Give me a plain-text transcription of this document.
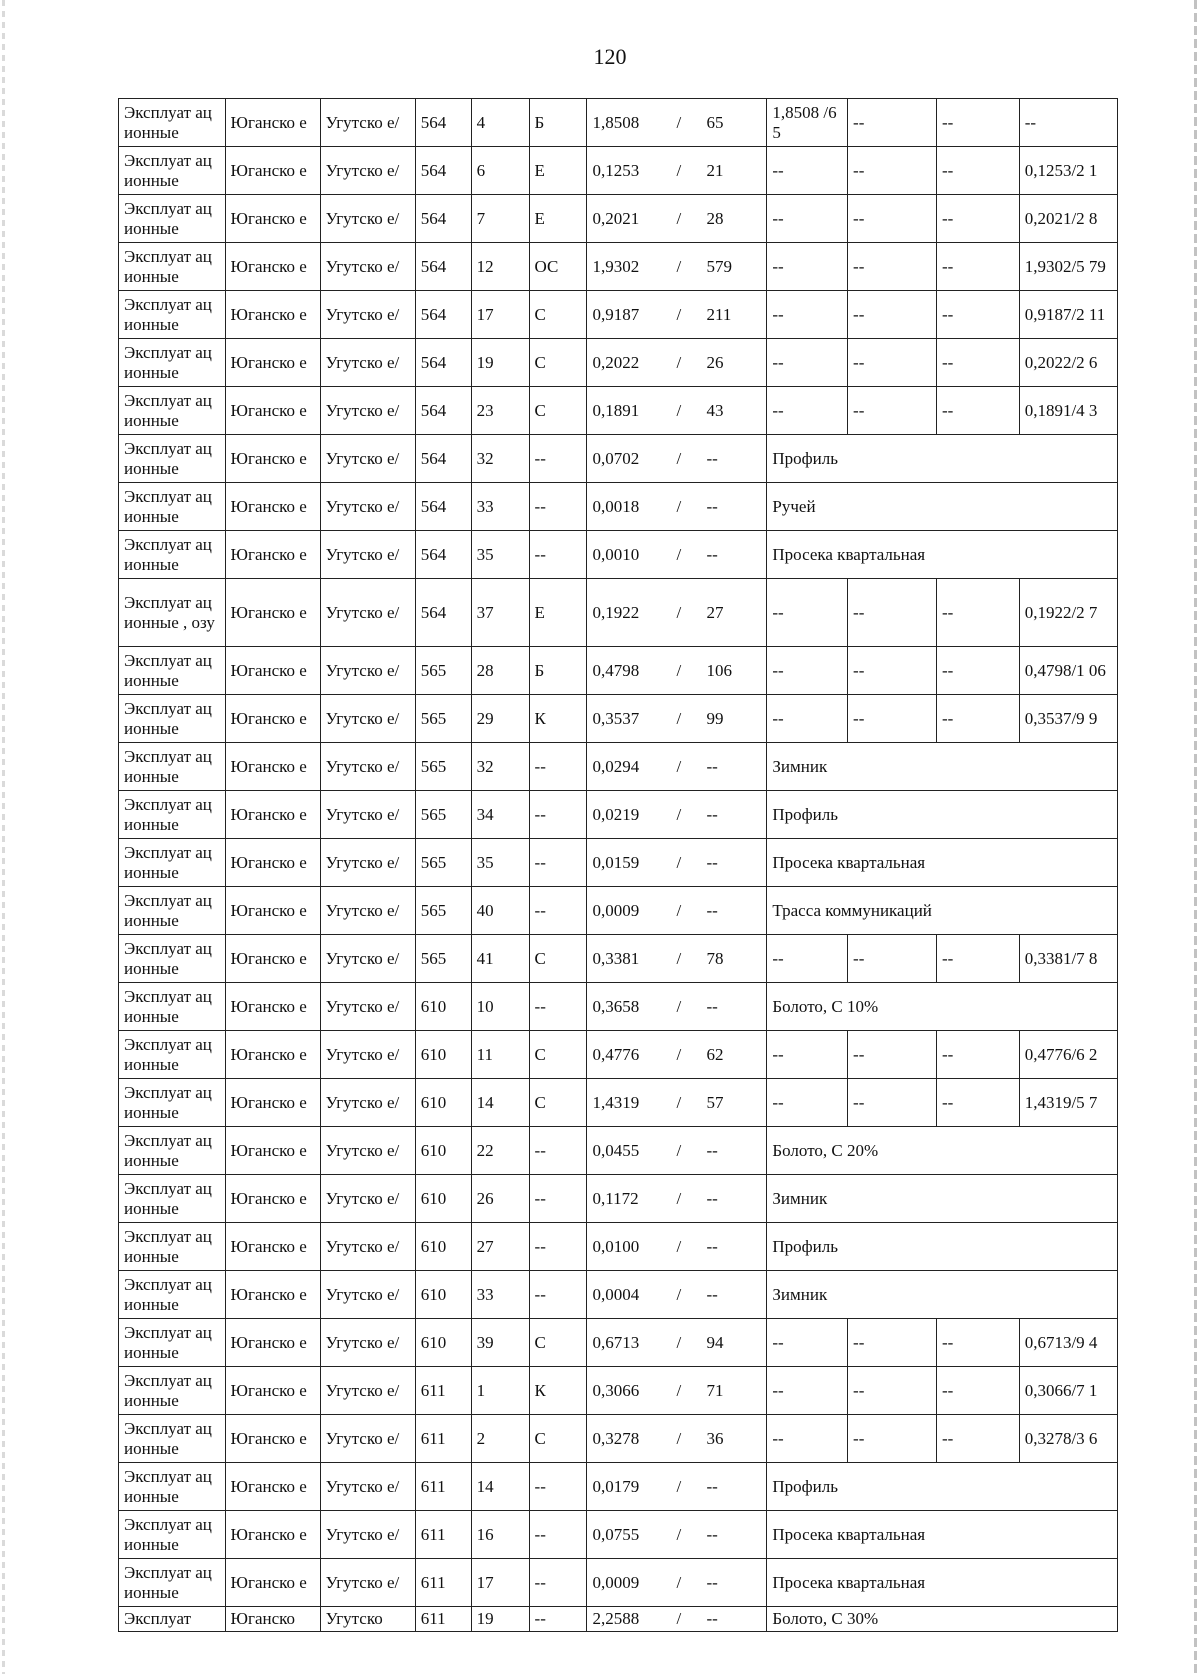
120
Эксплуат ационные	Юганско е	Угутско е/	564	4	Б	1,8508 / 65	1,8508 /65	--	--	--
Эксплуат ационные	Юганско е	Угутско е/	564	6	Е	0,1253 / 21	--	--	--	0,1253/2 1
Эксплуат ационные	Юганско е	Угутско е/	564	7	Е	0,2021 / 28	--	--	--	0,2021/2 8
Эксплуат ационные	Юганско е	Угутско е/	564	12	ОС	1,9302 / 579	--	--	--	1,9302/5 79
Эксплуат ационные	Юганско е	Угутско е/	564	17	С	0,9187 / 211	--	--	--	0,9187/2 11
Эксплуат ационные	Юганско е	Угутско е/	564	19	С	0,2022 / 26	--	--	--	0,2022/2 6
Эксплуат ационные	Юганско е	Угутско е/	564	23	С	0,1891 / 43	--	--	--	0,1891/4 3
Эксплуат ационные	Юганско е	Угутско е/	564	32	--	0,0702 / --	Профиль			
Эксплуат ационные	Юганско е	Угутско е/	564	33	--	0,0018 / --	Ручей			
Эксплуат ационные	Юганско е	Угутско е/	564	35	--	0,0010 / --	Просека квартальная			
Эксплуат ационные , озу	Юганско е	Угутско е/	564	37	Е	0,1922 / 27	--	--	--	0,1922/2 7
Эксплуат ационные	Юганско е	Угутско е/	565	28	Б	0,4798 / 106	--	--	--	0,4798/1 06
Эксплуат ационные	Юганско е	Угутско е/	565	29	К	0,3537 / 99	--	--	--	0,3537/9 9
Эксплуат ационные	Юганско е	Угутско е/	565	32	--	0,0294 / --	Зимник			
Эксплуат ационные	Юганско е	Угутско е/	565	34	--	0,0219 / --	Профиль			
Эксплуат ационные	Юганско е	Угутско е/	565	35	--	0,0159 / --	Просека квартальная			
Эксплуат ационные	Юганско е	Угутско е/	565	40	--	0,0009 / --	Трасса коммуникаций			
Эксплуат ационные	Юганско е	Угутско е/	565	41	С	0,3381 / 78	--	--	--	0,3381/7 8
Эксплуат ационные	Юганско е	Угутско е/	610	10	--	0,3658 / --	Болото, С 10%			
Эксплуат ационные	Юганско е	Угутско е/	610	11	С	0,4776 / 62	--	--	--	0,4776/6 2
Эксплуат ационные	Юганско е	Угутско е/	610	14	С	1,4319 / 57	--	--	--	1,4319/5 7
Эксплуат ационные	Юганско е	Угутско е/	610	22	--	0,0455 / --	Болото, С 20%			
Эксплуат ационные	Юганско е	Угутско е/	610	26	--	0,1172 / --	Зимник			
Эксплуат ационные	Юганско е	Угутско е/	610	27	--	0,0100 / --	Профиль			
Эксплуат ационные	Юганско е	Угутско е/	610	33	--	0,0004 / --	Зимник			
Эксплуат ационные	Юганско е	Угутско е/	610	39	С	0,6713 / 94	--	--	--	0,6713/9 4
Эксплуат ационные	Юганско е	Угутско е/	611	1	К	0,3066 / 71	--	--	--	0,3066/7 1
Эксплуат ационные	Юганско е	Угутско е/	611	2	С	0,3278 / 36	--	--	--	0,3278/3 6
Эксплуат ационные	Юганско е	Угутско е/	611	14	--	0,0179 / --	Профиль			
Эксплуат ационные	Юганско е	Угутско е/	611	16	--	0,0755 / --	Просека квартальная			
Эксплуат ационные	Юганско е	Угутско е/	611	17	--	0,0009 / --	Просека квартальная			
Эксплуат	Юганско	Угутско	611	19	--	2,2588 / --	Болото, С 30%			
